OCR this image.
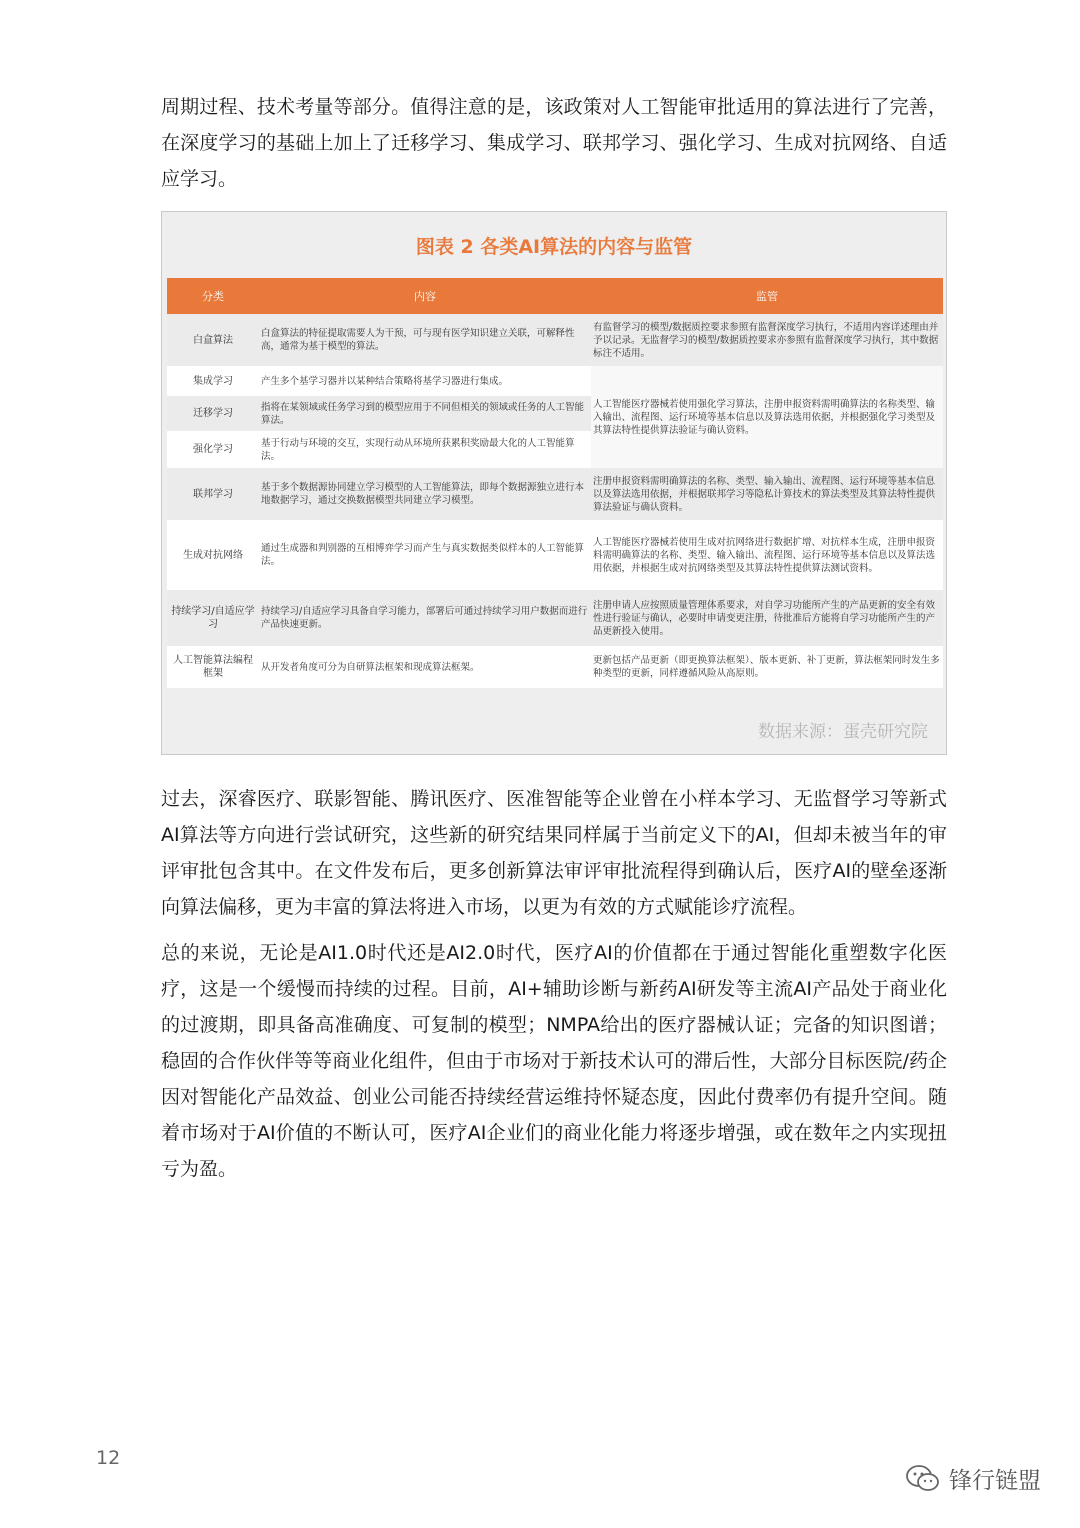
周期过程、技术考量等部分。值得注意的是，该政策对人工智能审批适用的算法进行了完善，在深度学习的基础上加上了迁移学习、集成学习、联邦学习、强化学习、生成对抗网络、自适应学习。

图表 2 各类AI算法的内容与监管
分类	内容	监管
白盒算法	白盒算法的特征提取需要人为干预，可与现有医学知识建立关联，可解释性高，通常为基于模型的算法。	有监督学习的模型/数据质控要求参照有监督深度学习执行，不适用内容详述理由并予以记录。无监督学习的模型/数据质控要求亦参照有监督深度学习执行，其中数据标注不适用。
集成学习	产生多个基学习器并以某种结合策略将基学习器进行集成。	人工智能医疗器械若使用强化学习算法，注册申报资料需明确算法的名称类型、输入输出、流程图、运行环境等基本信息以及算法选用依据，并根据强化学习类型及其算法特性提供算法验证与确认资料。
迁移学习	指将在某领域或任务学习到的模型应用于不同但相关的领域或任务的人工智能算法。	
强化学习	基于行动与环境的交互，实现行动从环境所获累积奖励最大化的人工智能算法。	
联邦学习	基于多个数据源协同建立学习模型的人工智能算法，即每个数据源独立进行本地数据学习，通过交换数据模型共同建立学习模型。	注册申报资料需明确算法的名称、类型、输入输出、流程图、运行环境等基本信息以及算法选用依据，并根据联邦学习等隐私计算技术的算法类型及其算法特性提供算法验证与确认资料。
生成对抗网络	通过生成器和判别器的互相博弈学习而产生与真实数据类似样本的人工智能算法。	人工智能医疗器械若使用生成对抗网络进行数据扩增、对抗样本生成，注册申报资料需明确算法的名称、类型、输入输出、流程图、运行环境等基本信息以及算法选用依据，并根据生成对抗网络类型及其算法特性提供算法测试资料。
持续学习/自适应学习	持续学习/自适应学习具备自学习能力，部署后可通过持续学习用户数据而进行产品快速更新。	注册申请人应按照质量管理体系要求，对自学习功能所产生的产品更新的安全有效性进行验证与确认，必要时申请变更注册，待批准后方能将自学习功能所产生的产品更新投入使用。
人工智能算法编程框架	从开发者角度可分为自研算法框架和现成算法框架。	更新包括产品更新（即更换算法框架）、版本更新、补丁更新，算法框架同时发生多种类型的更新，同样遵循风险从高原则。
数据来源：蛋壳研究院

过去，深睿医疗、联影智能、腾讯医疗、医准智能等企业曾在小样本学习、无监督学习等新式AI算法等方向进行尝试研究，这些新的研究结果同样属于当前定义下的AI，但却未被当年的审评审批包含其中。在文件发布后，更多创新算法审评审批流程得到确认后，医疗AI的壁垒逐渐向算法偏移，更为丰富的算法将进入市场，以更为有效的方式赋能诊疗流程。

总的来说，无论是AI1.0时代还是AI2.0时代，医疗AI的价值都在于通过智能化重塑数字化医疗，这是一个缓慢而持续的过程。目前，AI+辅助诊断与新药AI研发等主流AI产品处于商业化的过渡期，即具备高准确度、可复制的模型；NMPA给出的医疗器械认证；完备的知识图谱；稳固的合作伙伴等等商业化组件，但由于市场对于新技术认可的滞后性，大部分目标医院/药企因对智能化产品效益、创业公司能否持续经营运维持怀疑态度，因此付费率仍有提升空间。随着市场对于AI价值的不断认可，医疗AI企业们的商业化能力将逐步增强，或在数年之内实现扭亏为盈。

12
锋行链盟
